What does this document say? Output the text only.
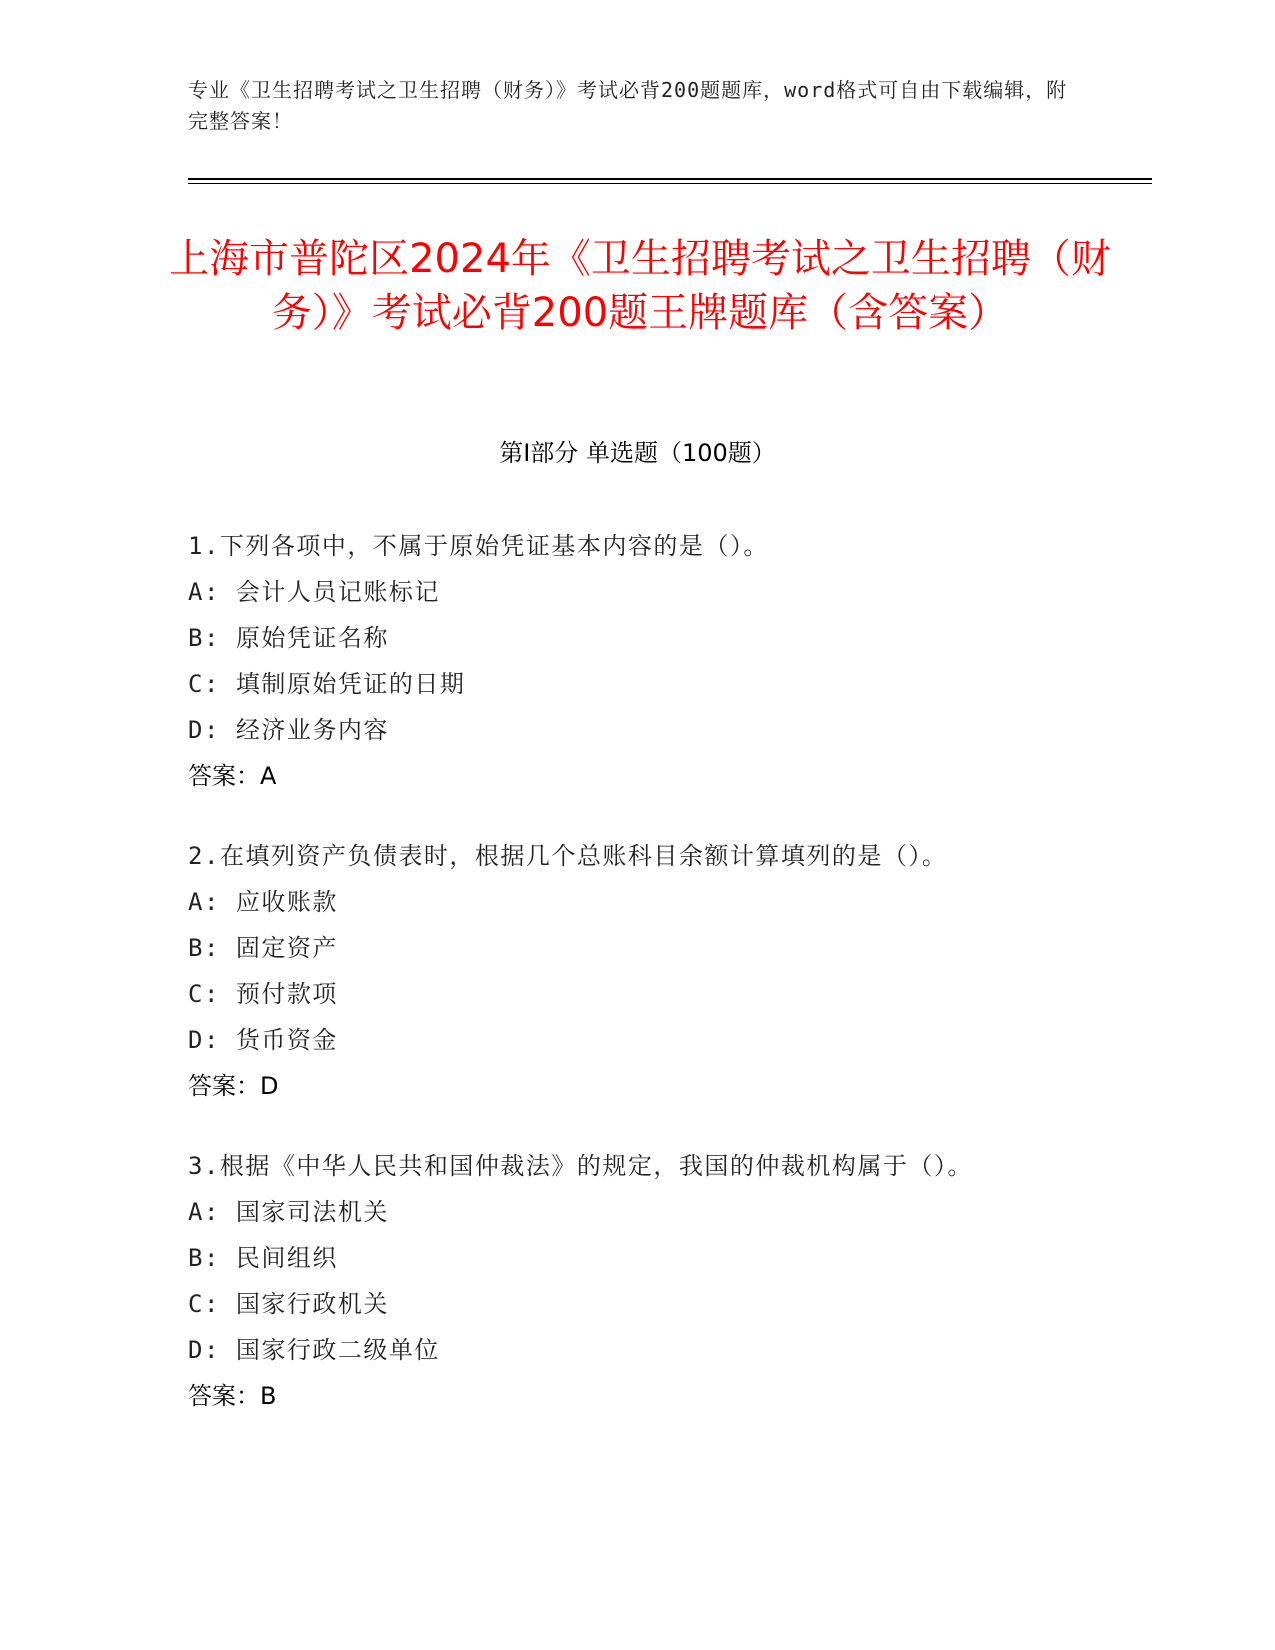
专业《卫生招聘考试之卫生招聘（财务）》考试必背200题题库，word格式可自由下载编辑，附完整答案！
上海市普陀区2024年《卫生招聘考试之卫生招聘（财务）》考试必背200题王牌题库（含答案）
第I部分 单选题（100题）

1.下列各项中，不属于原始凭证基本内容的是（）。

A: 会计人员记账标记

B: 原始凭证名称

C: 填制原始凭证的日期

D: 经济业务内容

答案：A

2.在填列资产负债表时，根据几个总账科目余额计算填列的是（）。

A: 应收账款

B: 固定资产

C: 预付款项

D: 货币资金

答案：D

3.根据《中华人民共和国仲裁法》的规定，我国的仲裁机构属于（）。

A: 国家司法机关

B: 民间组织

C: 国家行政机关

D: 国家行政二级单位

答案：B
